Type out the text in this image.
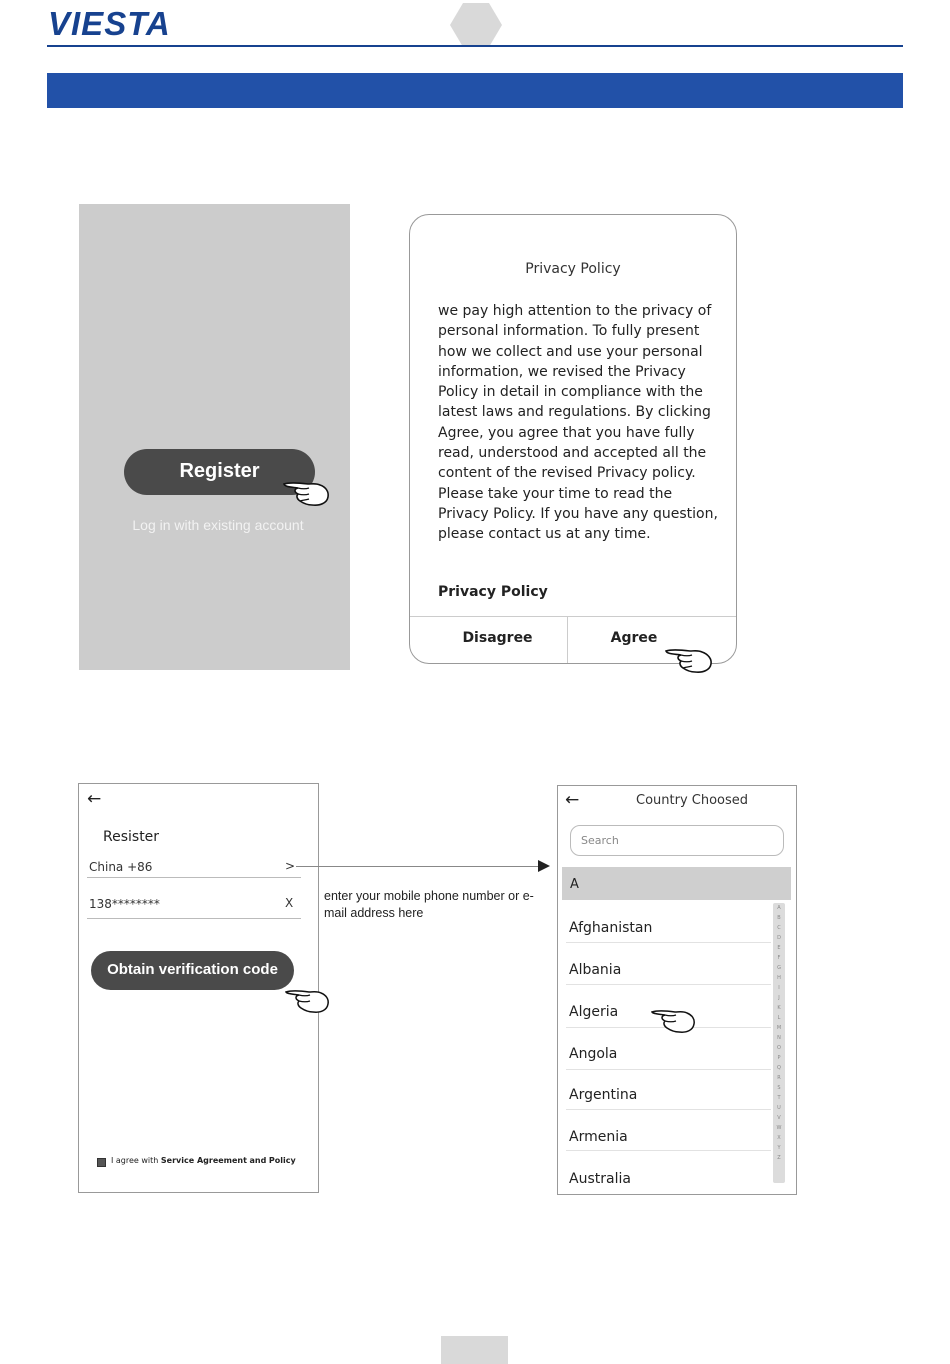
VIESTA
Register
Log in with existing account
Privacy Policy
we pay high attention to the privacy of personal information. To fully present how we collect and use your personal information, we revised the Privacy Policy in detail in compliance with the latest laws and regulations. By clicking Agree, you agree that you have fully read, understood and accepted all the content of the revised Privacy policy. Please take your time to read the Privacy Policy. If you have any question, please contact us at any time.
Privacy Policy
Disagree	Agree
←
Resister
China +86	>
138********	X
Obtain verification code
I agree with Service Agreement and Policy
enter your mobile phone number or e-mail address here
←	Country Choosed
Search
A
Afghanistan
Albania
Algeria
Angola
Argentina
Armenia
Australia
A
B
C
D
E
F
G
H
I
J
K
L
M
N
O
P
Q
R
S
T
U
V
W
X
Y
Z
